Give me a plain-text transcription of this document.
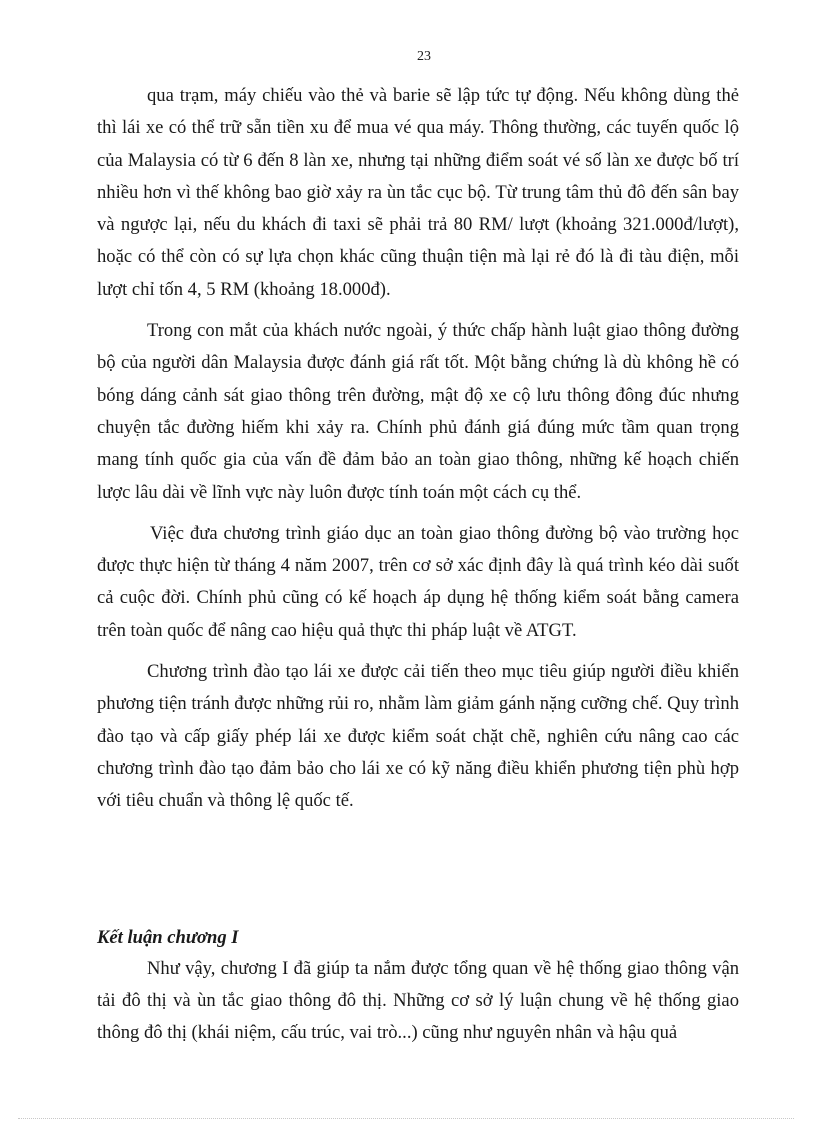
23

qua trạm, máy chiếu vào thẻ và barie sẽ lập tức tự động. Nếu không dùng thẻ thì lái xe có thể trữ sẵn tiền xu để mua vé qua máy. Thông thường, các tuyến quốc lộ của Malaysia có từ 6 đến 8 làn xe, nhưng tại những điểm soát vé số làn xe được bố trí nhiều hơn vì thế không bao giờ xảy ra ùn tắc cục bộ. Từ trung tâm thủ đô đến sân bay và ngược lại, nếu du khách đi taxi sẽ phải trả 80 RM/ lượt (khoảng 321.000đ/lượt), hoặc có thể còn có sự lựa chọn khác cũng thuận tiện mà lại rẻ đó là đi tàu điện, mỗi lượt chỉ tốn 4, 5 RM (khoảng 18.000đ).

Trong con mắt của khách nước ngoài, ý thức chấp hành luật giao thông đường bộ của người dân Malaysia được đánh giá rất tốt. Một bằng chứng là dù không hề có bóng dáng cảnh sát giao thông trên đường, mật độ xe cộ lưu thông đông đúc nhưng chuyện tắc đường hiếm khi xảy ra. Chính phủ đánh giá đúng mức tầm quan trọng mang tính quốc gia của vấn đề đảm bảo an toàn giao thông, những kế hoạch chiến lược lâu dài về lĩnh vực này luôn được tính toán một cách cụ thể.

Việc đưa chương trình giáo dục an toàn giao thông đường bộ vào trường học được thực hiện từ tháng 4 năm 2007, trên cơ sở xác định đây là quá trình kéo dài suốt cả cuộc đời. Chính phủ cũng có kế hoạch áp dụng hệ thống kiểm soát bằng camera trên toàn quốc để nâng cao hiệu quả thực thi pháp luật về ATGT.

Chương trình đào tạo lái xe được cải tiến theo mục tiêu giúp người điều khiển phương tiện tránh được những rủi ro, nhằm làm giảm gánh nặng cưỡng chế. Quy trình đào tạo và cấp giấy phép lái xe được kiểm soát chặt chẽ, nghiên cứu nâng cao các chương trình đào tạo đảm bảo cho lái xe có kỹ năng điều khiển phương tiện phù hợp với tiêu chuẩn và thông lệ quốc tế.

Kết luận chương I

Như vậy, chương I đã giúp ta nắm được tổng quan về hệ thống giao thông vận tải đô thị và ùn tắc giao thông đô thị. Những cơ sở lý luận chung về hệ thống giao thông đô thị (khái niệm, cấu trúc, vai trò...) cũng như nguyên nhân và hậu quả
